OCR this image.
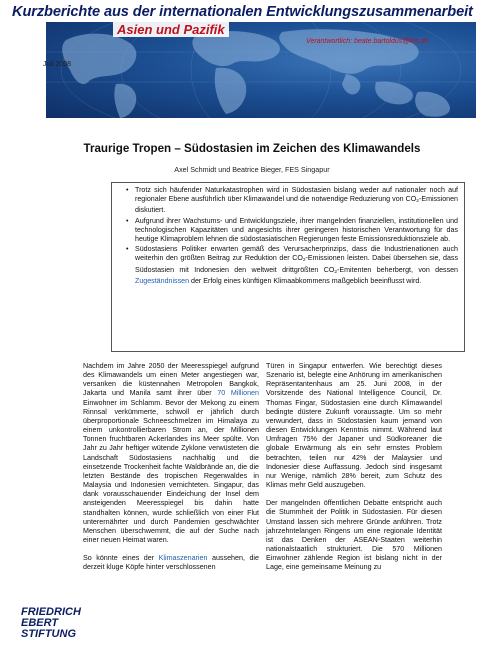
Kurzberichte aus der internationalen Entwicklungszusammenarbeit
Asien und Pazifik
Verantwortlich: beate.bartoldus@fes.de
Juli 2008
Traurige Tropen – Südostasien im Zeichen des Klimawandels
Axel Schmidt und Beatrice Bieger, FES Singapur
• Trotz sich häufender Naturkatastrophen wird in Südostasien bislang weder auf nationaler noch auf regionaler Ebene ausführlich über Klimawandel und die notwendige Reduzierung von $CO_2$-Emissionen diskutiert.
• Aufgrund ihrer Wachstums- und Entwicklungsziele, ihrer mangelnden finanziellen, institutionellen und technologischen Kapazitäten und angesichts ihrer geringeren historischen Verantwortung für das heutige Klimaproblem lehnen die südostasiatischen Regierungen feste Emissionsreduktionsziele ab.
• Südostasiens Politiker erwarten gemäß des Verursacherprinzips, dass die Industrienationen auch weiterhin den größten Beitrag zur Reduktion der $CO_2$-Emissionen leisten. Dabei übersehen sie, dass Südostasien mit Indonesien den weltweit drittgrößten $CO_2$-Emitenten beherbergt, von dessen Zugeständnissen der Erfolg eines künftigen Klimaabkommens maßgeblich beeinflusst wird.

Nachdem im Jahre 2050 der Meeresspiegel aufgrund des Klimawandels um einen Meter angestiegen war, versanken die küstennahen Metropolen Bangkok, Jakarta und Manila samt ihrer über 70 Millionen Einwohner im Schlamm. Bevor der Mekong zu einem Rinnsal verkümmerte, schwoll er jährlich durch überproportionale Schneeschmelzen im Himalaya zu einem unkontrollierbaren Strom an, der Millionen Tonnen fruchtbaren Ackerlandes ins Meer spülte. Von Jahr zu Jahr heftiger wütende Zyklone verwüsteten die Landschaft Südostasiens nachhaltig und die einsetzende Trockenheit fachte Waldbrände an, die die letzten Bestände des tropischen Regenwaldes in Malaysia und Indonesien vernichteten. Singapur, das dank vorausschauender Eindeichung der Insel dem ansteigenden Meeresspiegel bis dahin hatte standhalten können, wurde schließlich von einer Flut unterernährter und durch Pandemien geschwächter Menschen überschwemmt, die auf der Suche nach einer neuen Heimat waren.

So könnte eines der Klimaszenarien aussehen, die derzeit kluge Köpfe hinter verschlossenen

Türen in Singapur entwerfen. Wie berechtigt dieses Szenario ist, belegte eine Anhörung im amerikanischen Repräsentantenhaus am 25. Juni 2008, in der Vorsitzende des National Intelligence Council, Dr. Thomas Fingar, Südostasien eine durch Klimawandel bedingte düstere Zukunft voraussagte. Um so mehr verwundert, dass in Südostasien kaum jemand von diesen Entwicklungen Kenntnis nimmt. Während laut Umfragen 75% der Japaner und Südkoreaner die globale Erwärmung als ein sehr ernstes Problem betrachten, teilen nur 42% der Malaysier und Indonesier diese Auffassung. Jedoch sind insgesamt nur Wenige, nämlich 28% bereit, zum Schutz des Klimas mehr Geld auszugeben.

Der mangelnden öffentlichen Debatte entspricht auch die Stummheit der Politik in Südostasien. Für diesen Umstand lassen sich mehrere Gründe anführen. Trotz jahrzehntelangen Ringens um eine regionale Identität ist das Denken der ASEAN-Staaten weiterhin nationalstaatlich strukturiert. Die 570 Millionen Einwohner zählende Region ist bislang nicht in der Lage, eine gemeinsame Meinung zu

FRIEDRICH
EBERT
STIFTUNG
